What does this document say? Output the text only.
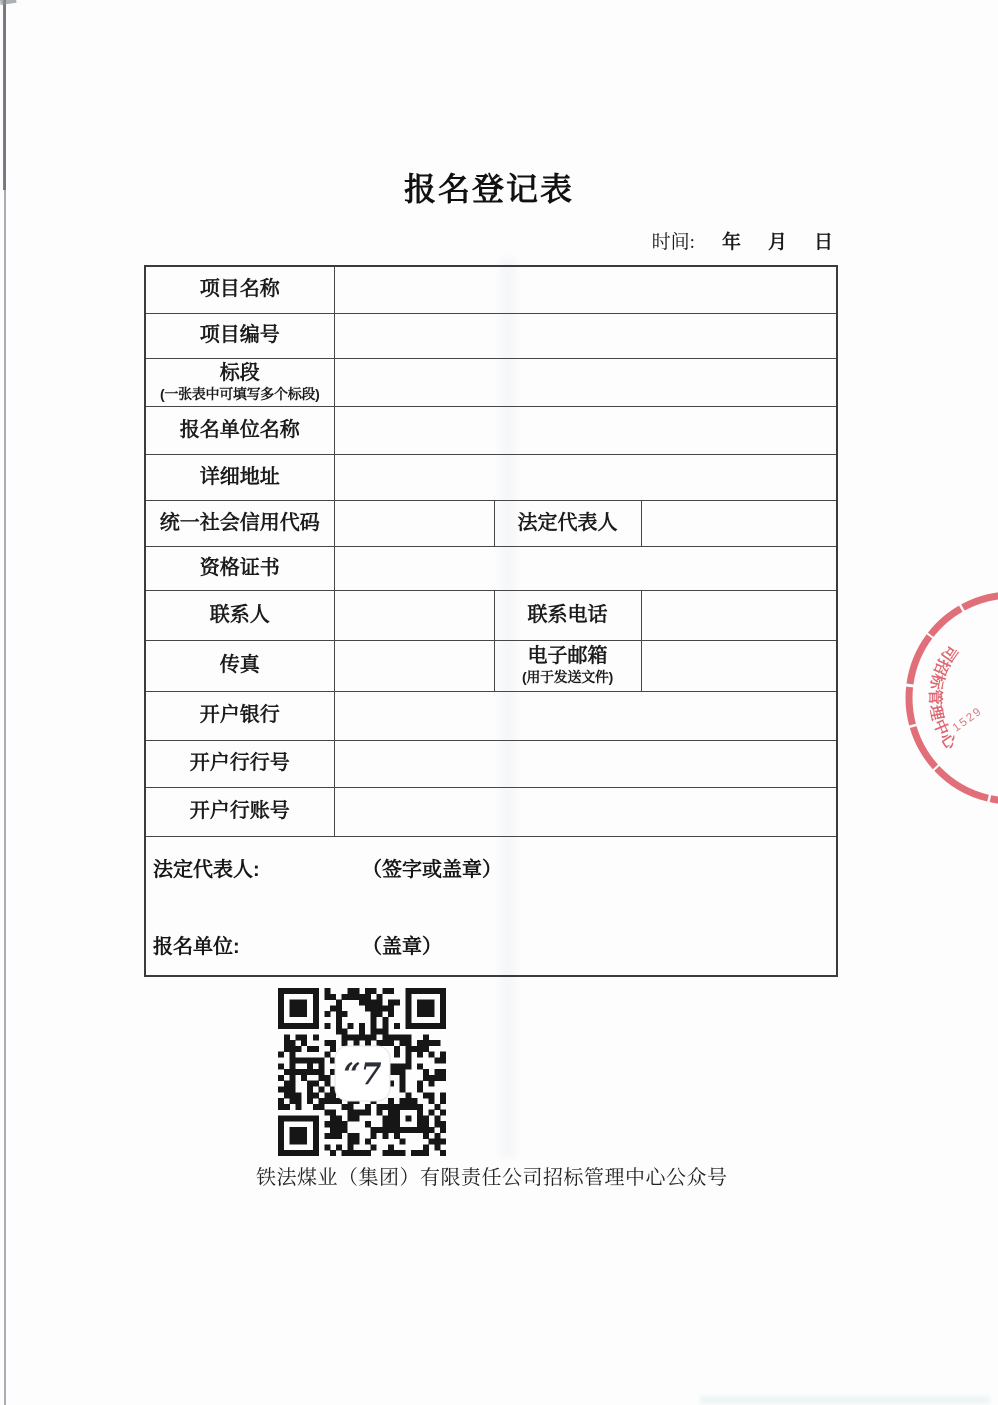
报名登记表
时间: 年 月 日
项目名称			
项目编号			
标段
(一张表中可填写多个标段)			

报名单位名称			
详细地址			
统一社会信用代码		法定代表人	
资格证书			
联系人		联系电话	
传真		电子邮箱
(用于发送文件)	

开户银行			
开户行行号			
开户行账号			

法定代表人: （签字或盖章）
报名单位: （盖章）			
“7
铁法煤业（集团）有限责任公司招标管理中心公众号
司招标管理中心
1529
